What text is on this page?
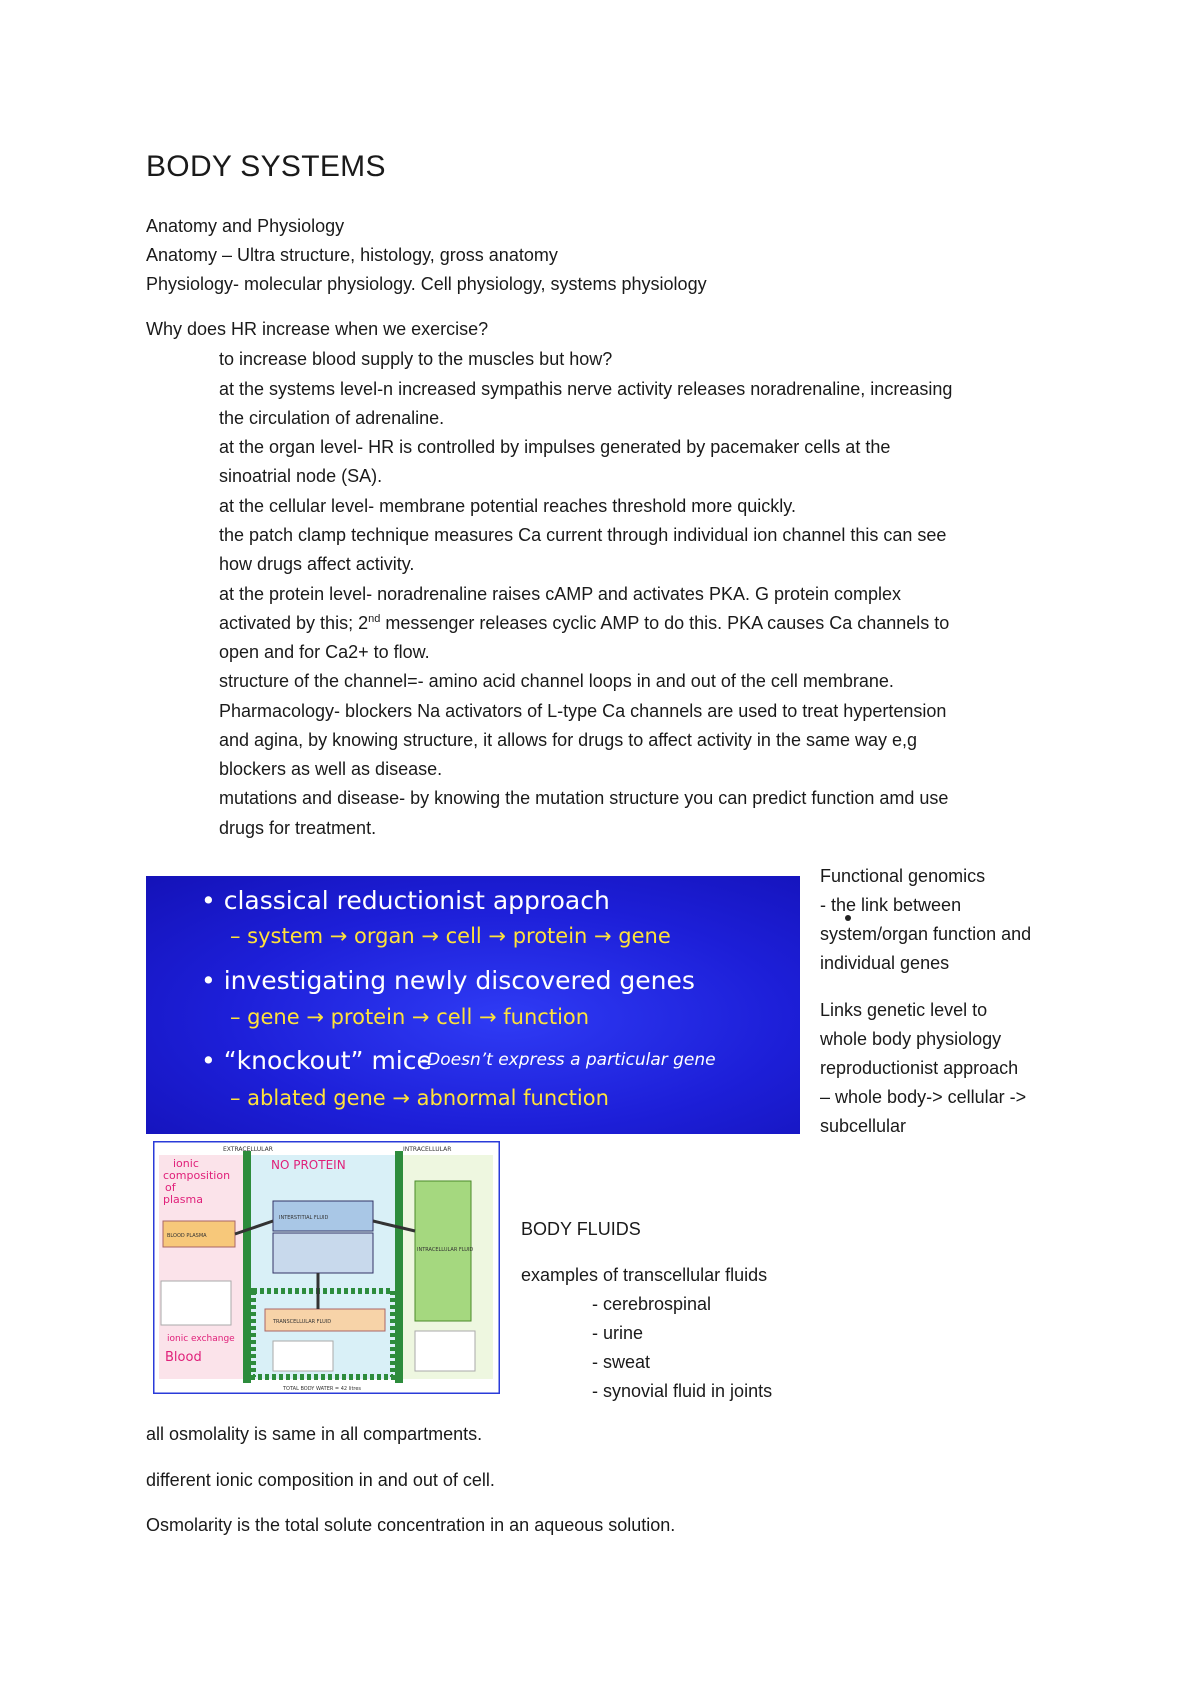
BODY SYSTEMS
Anatomy and Physiology
Anatomy – Ultra structure, histology, gross anatomy
Physiology- molecular physiology. Cell physiology, systems physiology
Why does HR increase when we exercise?
to increase blood supply to the muscles but how?
at the systems level-n increased sympathis nerve activity releases noradrenaline, increasing
the circulation of adrenaline.
at the organ level- HR is controlled by impulses generated by pacemaker cells at the
sinoatrial node (SA).
at the cellular level- membrane potential reaches threshold more quickly.
the patch clamp technique measures Ca current through individual ion channel this can see
how drugs affect activity.
at the protein level- noradrenaline raises cAMP and activates PKA. G protein complex
activated by this; 2nd messenger releases cyclic AMP to do this. PKA causes Ca channels to
open and for Ca2+ to flow.
structure of the channel=- amino acid channel loops in and out of the cell membrane.
Pharmacology- blockers Na activators of L-type Ca channels are used to treat hypertension
and agina, by knowing structure, it allows for drugs to affect activity in the same way e,g
blockers as well as disease.
mutations and disease- by knowing the mutation structure you can predict function amd use
drugs for treatment.
• classical reductionist approach
– system → organ → cell → protein → gene
• investigating newly discovered genes
– gene → protein → cell → function
• “knockout” mice
-Doesn’t express a particular gene
– ablated gene → abnormal function
Functional genomics
- the link between
system/organ function and
individual genes
Links genetic level to
whole body physiology
reproductionist approach
– whole body-> cellular ->
subcellular
EXTRACELLULAR	INTRACELLULAR
NO PROTEIN
ionic
composition
of
plasma
BLOOD PLASMA
INTERSTITIAL FLUID
INTRACELLULAR FLUID
TRANSCELLULAR FLUID
Blood
ionic exchange
TOTAL BODY WATER = 42 litres
BODY FLUIDS
examples of transcellular fluids
- cerebrospinal
- urine
- sweat
- synovial fluid in joints
all osmolality is same in all compartments.
different ionic composition in and out of cell.
Osmolarity is the total solute concentration in an aqueous solution.
